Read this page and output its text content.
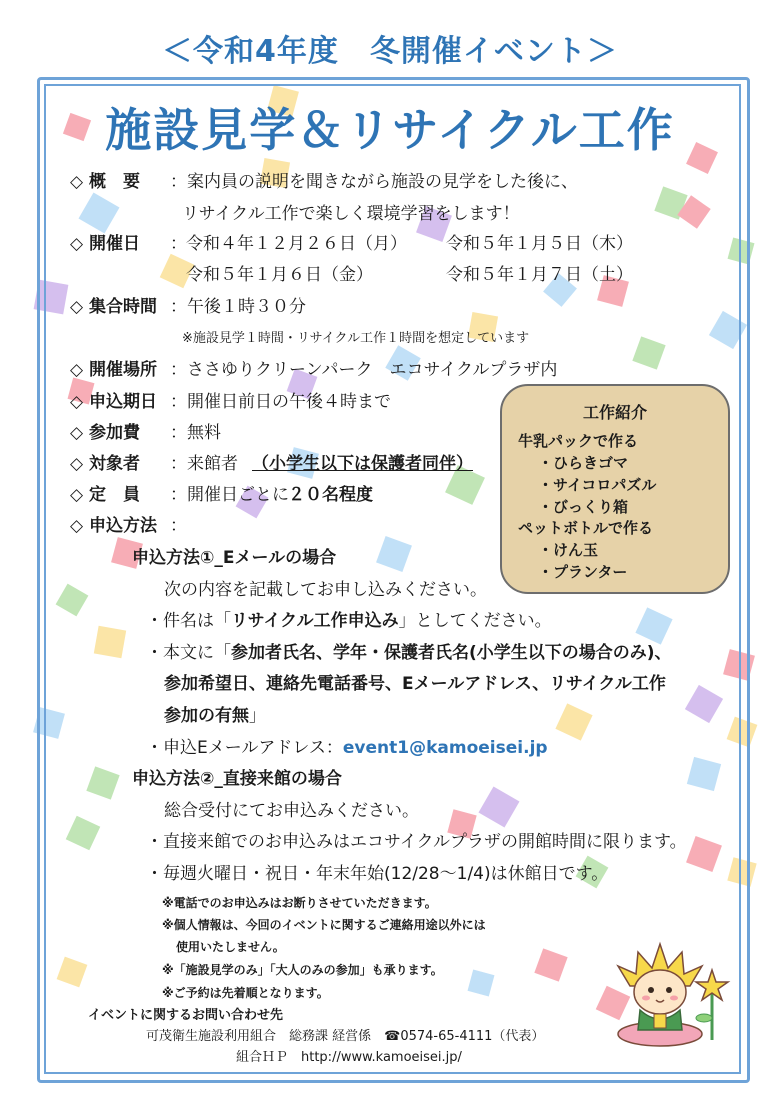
＜令和4年度　冬開催イベント＞
施設見学＆リサイクル工作
◇ 概　要 ：案内員の説明を聞きながら施設の見学をした後に、
リサイクル工作で楽しく環境学習をします！
◇ 開催日 ： 令和４年１２月２６日（月） 令和５年１月５日（木）
令和５年１月６日（金）	令和５年１月７日（土）
◇ 集合時間 ：午後１時３０分
※施設見学１時間・リサイクル工作１時間を想定しています
◇ 開催場所 ：ささゆりクリーンパーク　エコサイクルプラザ内
◇ 申込期日 ：開催日前日の午後４時まで
◇ 参加費 ：無料
◇ 対象者 ：来館者 （小学生以下は保護者同伴）
◇ 定　員 ：開催日ごとに ２０名程度
◇ 申込方法 ：
申込方法①_Eメールの場合
次の内容を記載してお申し込みください。
・件名は「リサイクル工作申込み」としてください。
・本文に「参加者氏名、学年・保護者氏名(小学生以下の場合のみ)、
参加希望日、連絡先電話番号、Eメールアドレス、リサイクル工作
参加の有無」
・申込Eメールアドレス：event1@kamoeisei.jp
申込方法②_直接来館の場合
総合受付にてお申込みください。
・直接来館でのお申込みはエコサイクルプラザの開館時間に限ります。
・毎週火曜日・祝日・年末年始(12/28～1/4)は休館日です。
※電話でのお申込みはお断りさせていただきます。
※個人情報は、今回のイベントに関するご連絡用途以外には
使用いたしません。
※「施設見学のみ」「大人のみの参加」も承ります。
※ご予約は先着順となります。
工作紹介
牛乳パックで作る
・ひらきゴマ
・サイコロパズル
・びっくり箱
ペットボトルで作る
・けん玉
・プランター
イベントに関するお問い合わせ先
可茂衛生施設利用組合　総務課 経営係　☎0574-65-4111（代表）
組合ＨＰ　http://www.kamoeisei.jp/
